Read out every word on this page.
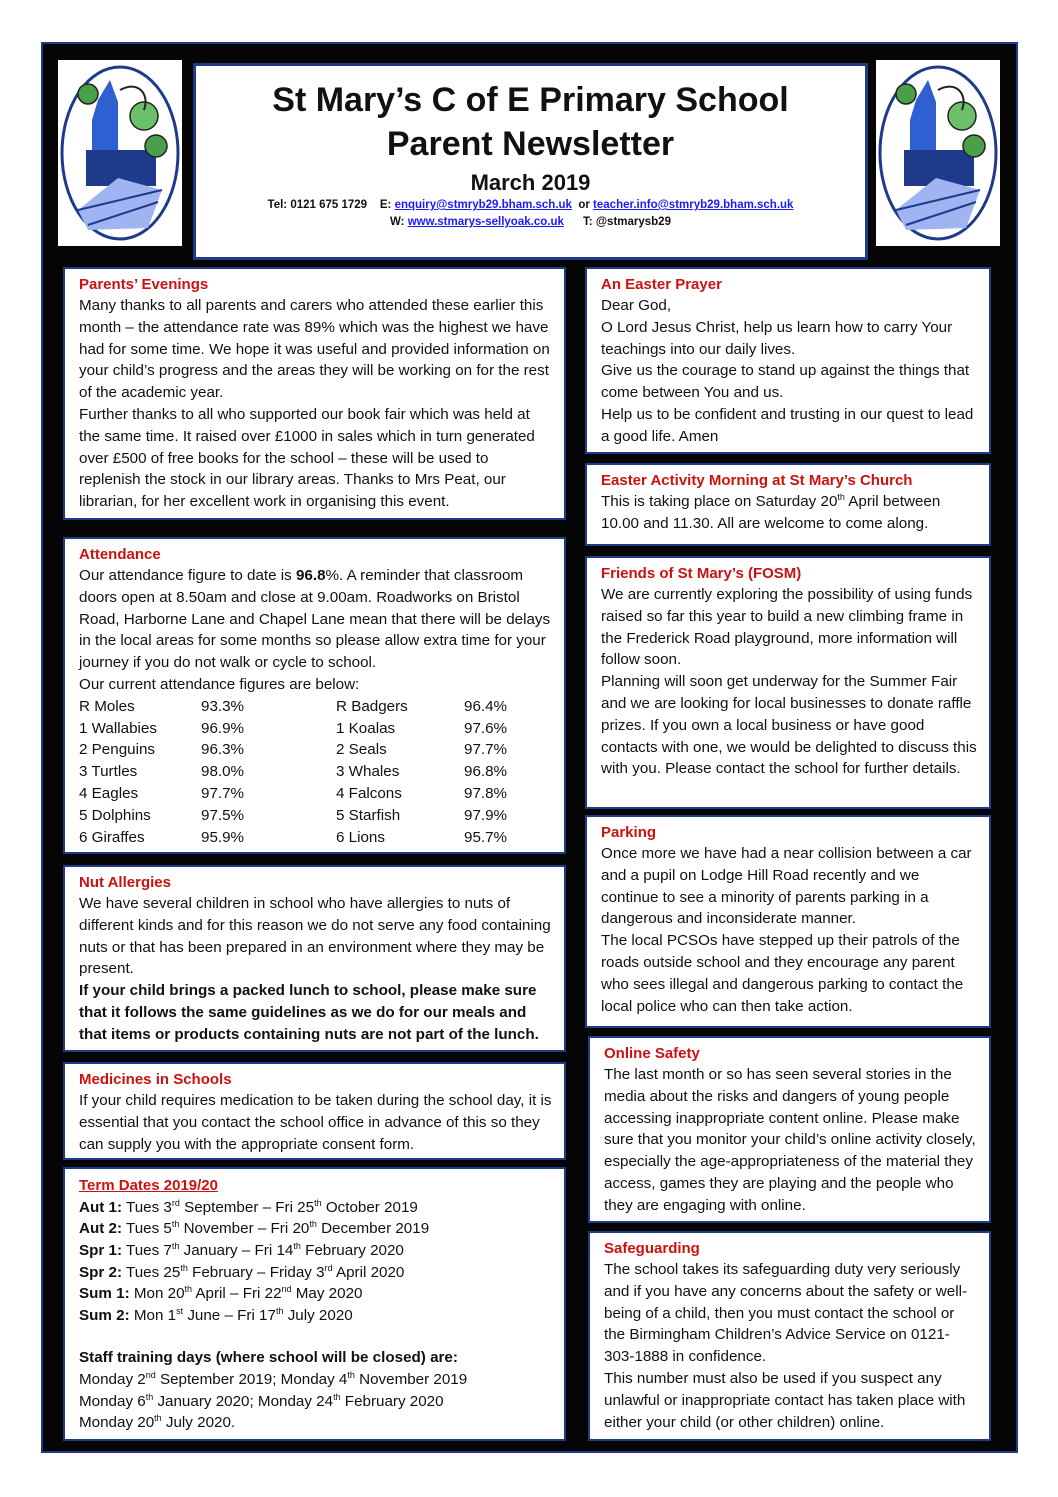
St Mary’s C of E Primary School
Parent Newsletter
March 2019
Tel: 0121 675 1729 E: enquiry@stmryb29.bham.sch.uk or teacher.info@stmryb29.bham.sch.uk
W: www.stmarys-sellyoak.co.uk T: @stmarysb29
Parents’ Evenings

Many thanks to all parents and carers who attended these earlier this month – the attendance rate was 89% which was the highest we have had for some time. We hope it was useful and provided information on your child’s progress and the areas they will be working on for the rest of the academic year.

Further thanks to all who supported our book fair which was held at the same time. It raised over £1000 in sales which in turn generated over £500 of free books for the school – these will be used to replenish the stock in our library areas. Thanks to Mrs Peat, our librarian, for her excellent work in organising this event.

Attendance

Our attendance figure to date is 96.8%. A reminder that classroom doors open at 8.50am and close at 9.00am. Roadworks on Bristol Road, Harborne Lane and Chapel Lane mean that there will be delays in the local areas for some months so please allow extra time for your journey if you do not walk or cycle to school.

Our current attendance figures are below:

R Moles	93.3%	R Badgers	96.4%
1 Wallabies	96.9%	1 Koalas	97.6%
2 Penguins	96.3%	2 Seals	97.7%
3 Turtles	98.0%	3 Whales	96.8%
4 Eagles	97.7%	4 Falcons	97.8%
5 Dolphins	97.5%	5 Starfish	97.9%
6 Giraffes	95.9%	6 Lions	95.7%
Nut Allergies

We have several children in school who have allergies to nuts of different kinds and for this reason we do not serve any food containing nuts or that has been prepared in an environment where they may be present.

If your child brings a packed lunch to school, please make sure that it follows the same guidelines as we do for our meals and that items or products containing nuts are not part of the lunch.

Medicines in Schools

If your child requires medication to be taken during the school day, it is essential that you contact the school office in advance of this so they can supply you with the appropriate consent form.

Term Dates 2019/20
Aut 1: Tues 3rd September – Fri 25th October 2019
Aut 2: Tues 5th November – Fri 20th December 2019
Spr 1: Tues 7th January – Fri 14th February 2020
Spr 2: Tues 25th February – Friday 3rd April 2020
Sum 1: Mon 20th April – Fri 22nd May 2020
Sum 2: Mon 1st June – Fri 17th July 2020
Staff training days (where school will be closed) are:
Monday 2nd September 2019; Monday 4th November 2019
Monday 6th January 2020; Monday 24th February 2020
Monday 20th July 2020.
An Easter Prayer

Dear God,

O Lord Jesus Christ, help us learn how to carry Your teachings into our daily lives.

Give us the courage to stand up against the things that come between You and us.

Help us to be confident and trusting in our quest to lead a good life. Amen

Easter Activity Morning at St Mary’s Church

This is taking place on Saturday 20th April between 10.00 and 11.30. All are welcome to come along.

Friends of St Mary’s (FOSM)

We are currently exploring the possibility of using funds raised so far this year to build a new climbing frame in the Frederick Road playground, more information will follow soon.

Planning will soon get underway for the Summer Fair and we are looking for local businesses to donate raffle prizes. If you own a local business or have good contacts with one, we would be delighted to discuss this with you. Please contact the school for further details.

Parking

Once more we have had a near collision between a car and a pupil on Lodge Hill Road recently and we continue to see a minority of parents parking in a dangerous and inconsiderate manner.

The local PCSOs have stepped up their patrols of the roads outside school and they encourage any parent who sees illegal and dangerous parking to contact the local police who can then take action.

Online Safety

The last month or so has seen several stories in the media about the risks and dangers of young people accessing inappropriate content online. Please make sure that you monitor your child’s online activity closely, especially the age-appropriateness of the material they access, games they are playing and the people who they are engaging with online.

Safeguarding

The school takes its safeguarding duty very seriously and if you have any concerns about the safety or well-being of a child, then you must contact the school or the Birmingham Children’s Advice Service on 0121-303-1888 in confidence.

This number must also be used if you suspect any unlawful or inappropriate contact has taken place with either your child (or other children) online.
